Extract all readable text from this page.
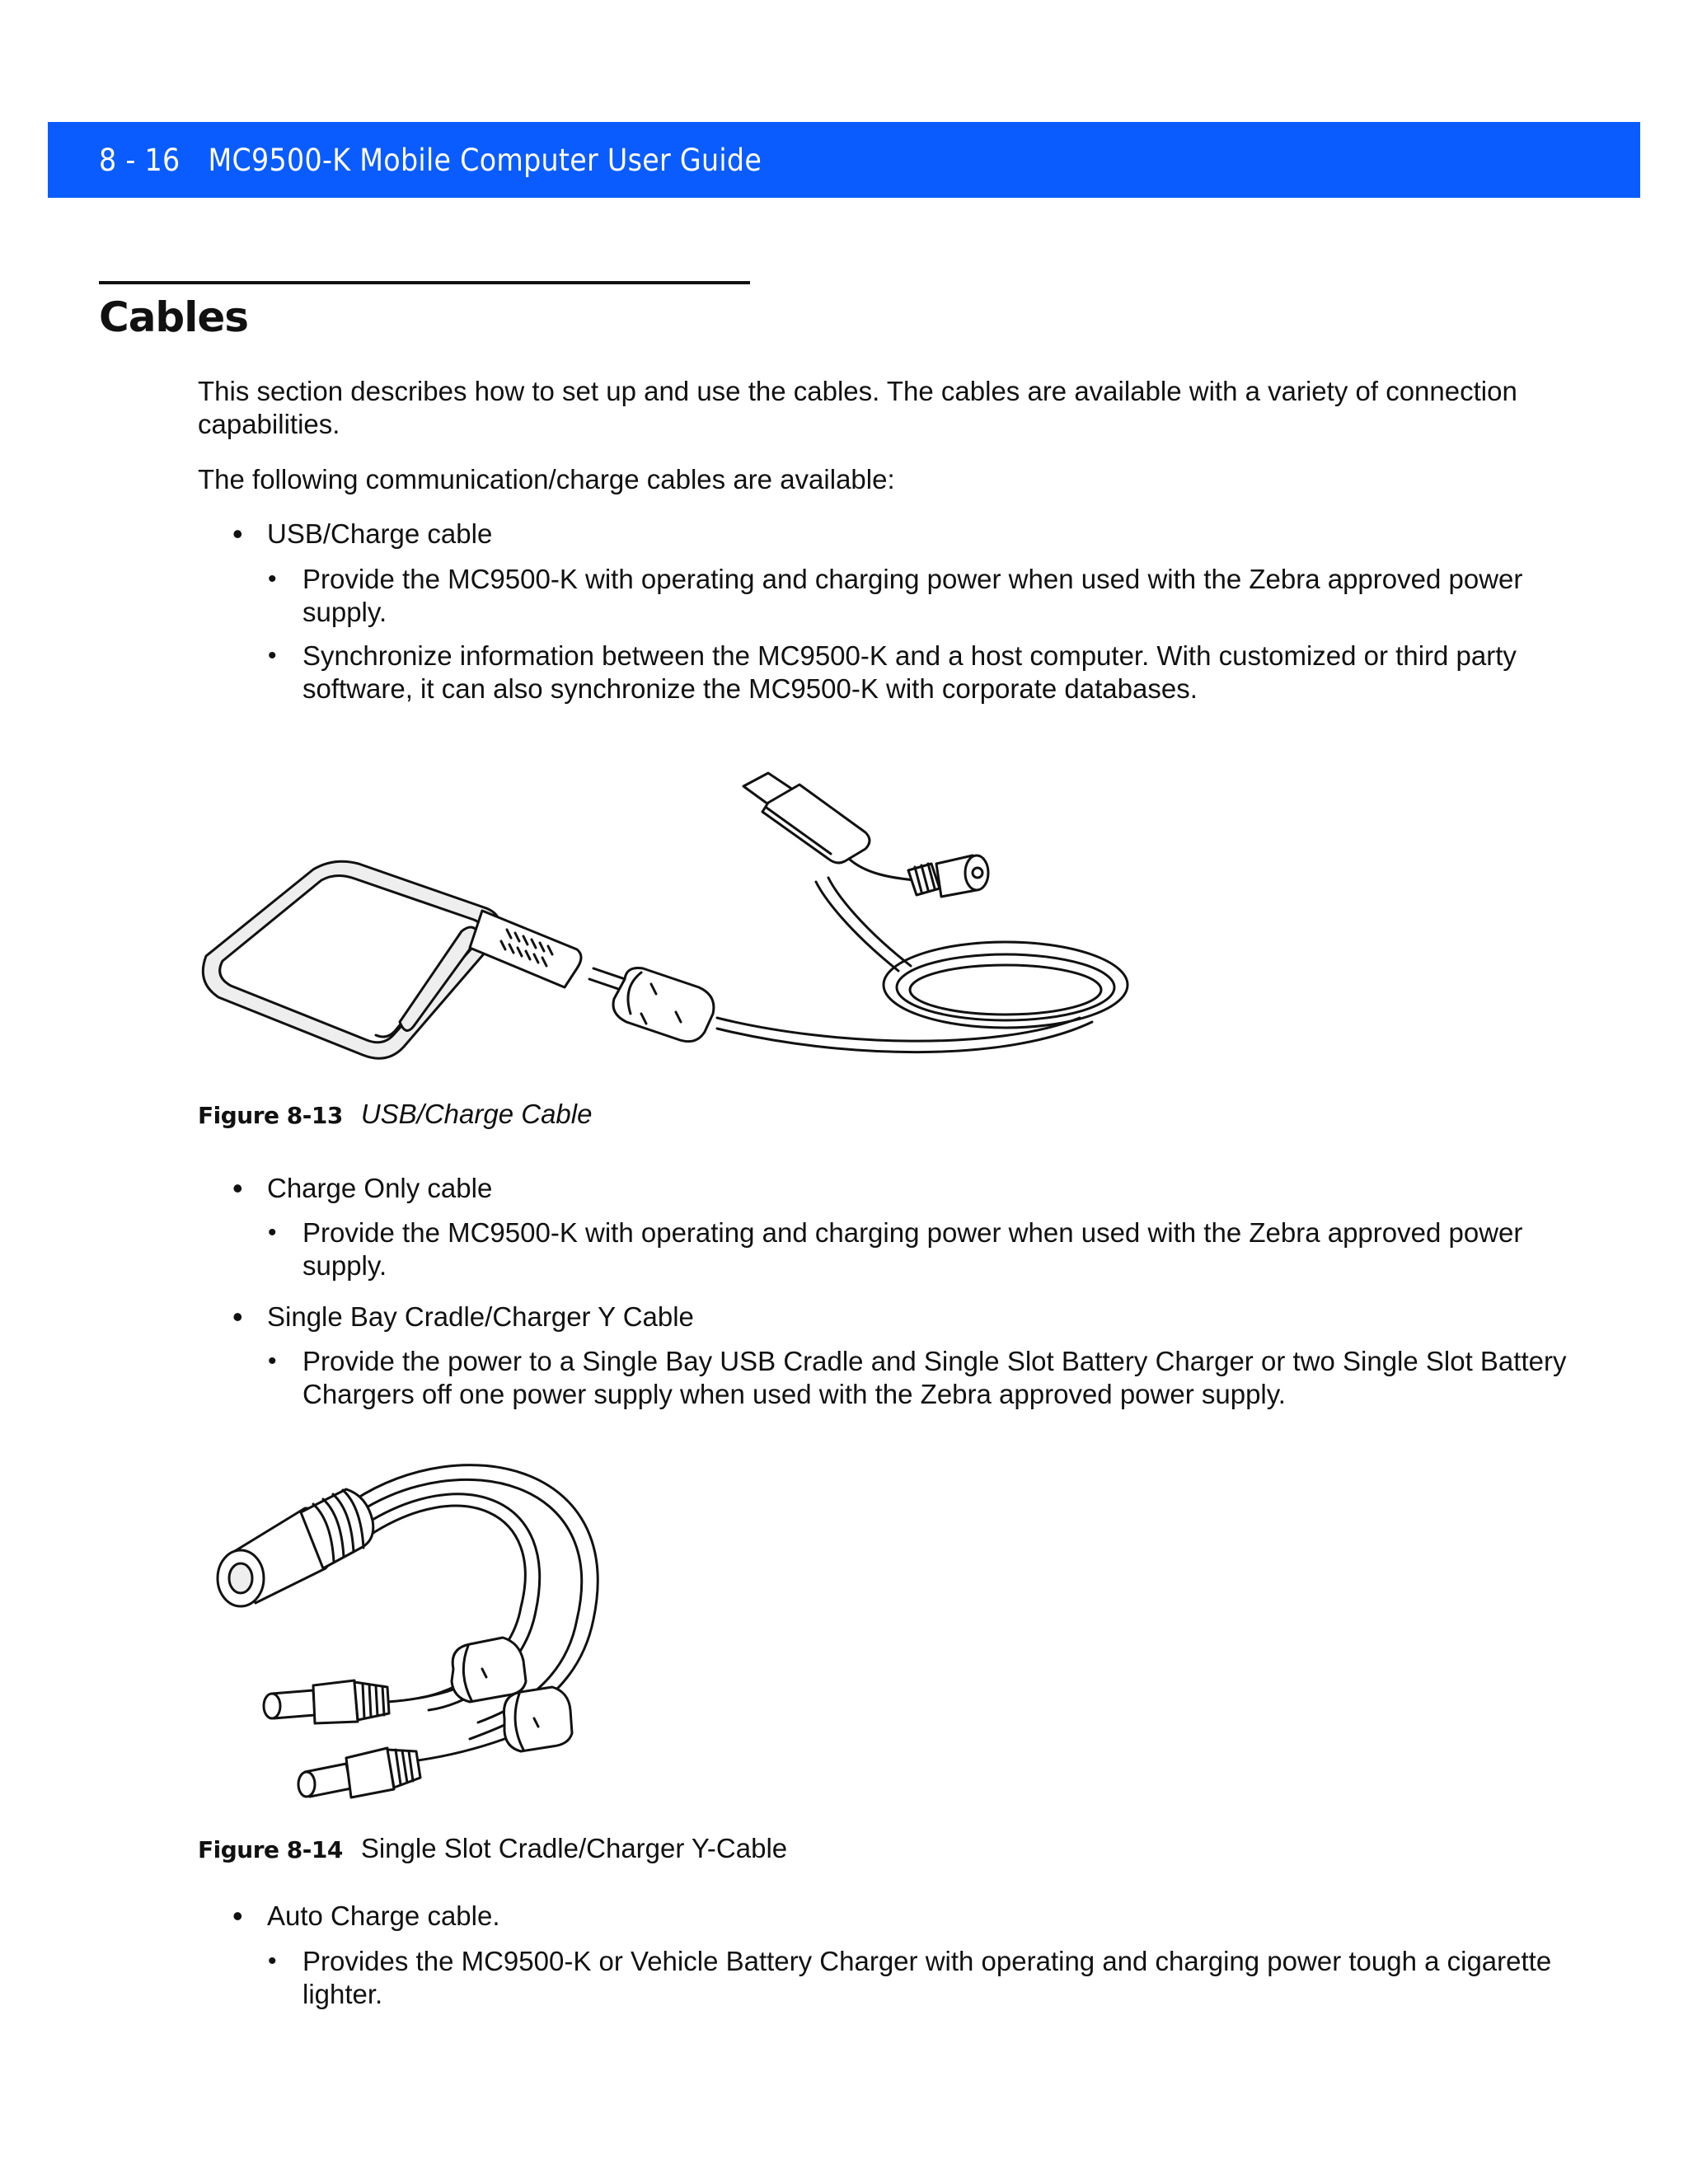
8 - 16 MC9500-K Mobile Computer User Guide
Cables
This section describes how to set up and use the cables. The cables are available with a variety of connection capabilities.
The following communication/charge cables are available:
• USB/Charge cable
• Provide the MC9500-K with operating and charging power when used with the Zebra approved power supply.
• Synchronize information between the MC9500-K and a host computer. With customized or third party software, it can also synchronize the MC9500-K with corporate databases.
Figure 8-13 USB/Charge Cable
• Charge Only cable
• Provide the MC9500-K with operating and charging power when used with the Zebra approved power supply.
• Single Bay Cradle/Charger Y Cable
• Provide the power to a Single Bay USB Cradle and Single Slot Battery Charger or two Single Slot Battery Chargers off one power supply when used with the Zebra approved power supply.
Figure 8-14 Single Slot Cradle/Charger Y-Cable
• Auto Charge cable.
• Provides the MC9500-K or Vehicle Battery Charger with operating and charging power tough a cigarette lighter.
